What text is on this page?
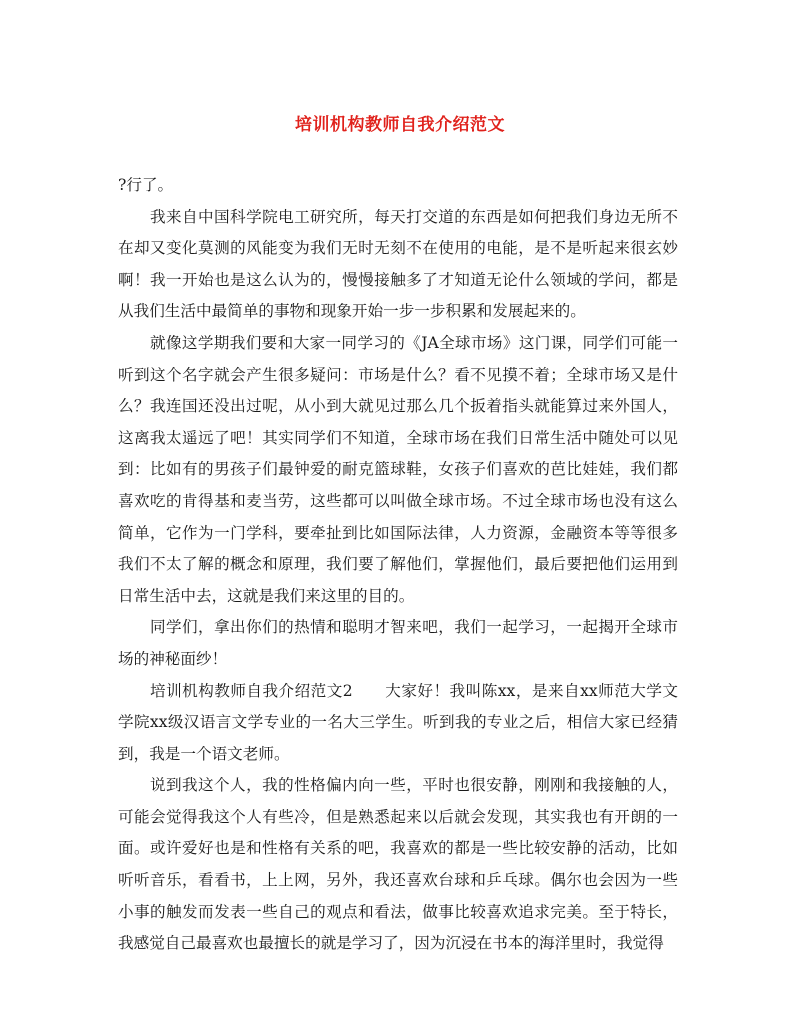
培训机构教师自我介绍范文

?行了。

我来自中国科学院电工研究所，每天打交道的东西是如何把我们身边无所不在却又变化莫测的风能变为我们无时无刻不在使用的电能，是不是听起来很玄妙啊！我一开始也是这么认为的，慢慢接触多了才知道无论什么领域的学问，都是从我们生活中最简单的事物和现象开始一步一步积累和发展起来的。

就像这学期我们要和大家一同学习的《JA全球市场》这门课，同学们可能一听到这个名字就会产生很多疑问：市场是什么？看不见摸不着；全球市场又是什么？我连国还没出过呢，从小到大就见过那么几个扳着指头就能算过来外国人，这离我太遥远了吧！其实同学们不知道，全球市场在我们日常生活中随处可以见到：比如有的男孩子们最钟爱的耐克篮球鞋，女孩子们喜欢的芭比娃娃，我们都喜欢吃的肯得基和麦当劳，这些都可以叫做全球市场。不过全球市场也没有这么简单，它作为一门学科，要牵扯到比如国际法律，人力资源，金融资本等等很多我们不太了解的概念和原理，我们要了解他们，掌握他们，最后要把他们运用到日常生活中去，这就是我们来这里的目的。

同学们，拿出你们的热情和聪明才智来吧，我们一起学习，一起揭开全球市场的神秘面纱！

培训机构教师自我介绍范文2　　大家好！我叫陈xx，是来自xx师范大学文学院xx级汉语言文学专业的一名大三学生。听到我的专业之后，相信大家已经猜到，我是一个语文老师。

说到我这个人，我的性格偏内向一些，平时也很安静，刚刚和我接触的人，可能会觉得我这个人有些冷，但是熟悉起来以后就会发现，其实我也有开朗的一面。或许爱好也是和性格有关系的吧，我喜欢的都是一些比较安静的活动，比如听听音乐，看看书，上上网，另外，我还喜欢台球和乒乓球。偶尔也会因为一些小事的触发而发表一些自己的观点和看法，做事比较喜欢追求完美。至于特长，我感觉自己最喜欢也最擅长的就是学习了，因为沉浸在书本的海洋里时，我觉得
